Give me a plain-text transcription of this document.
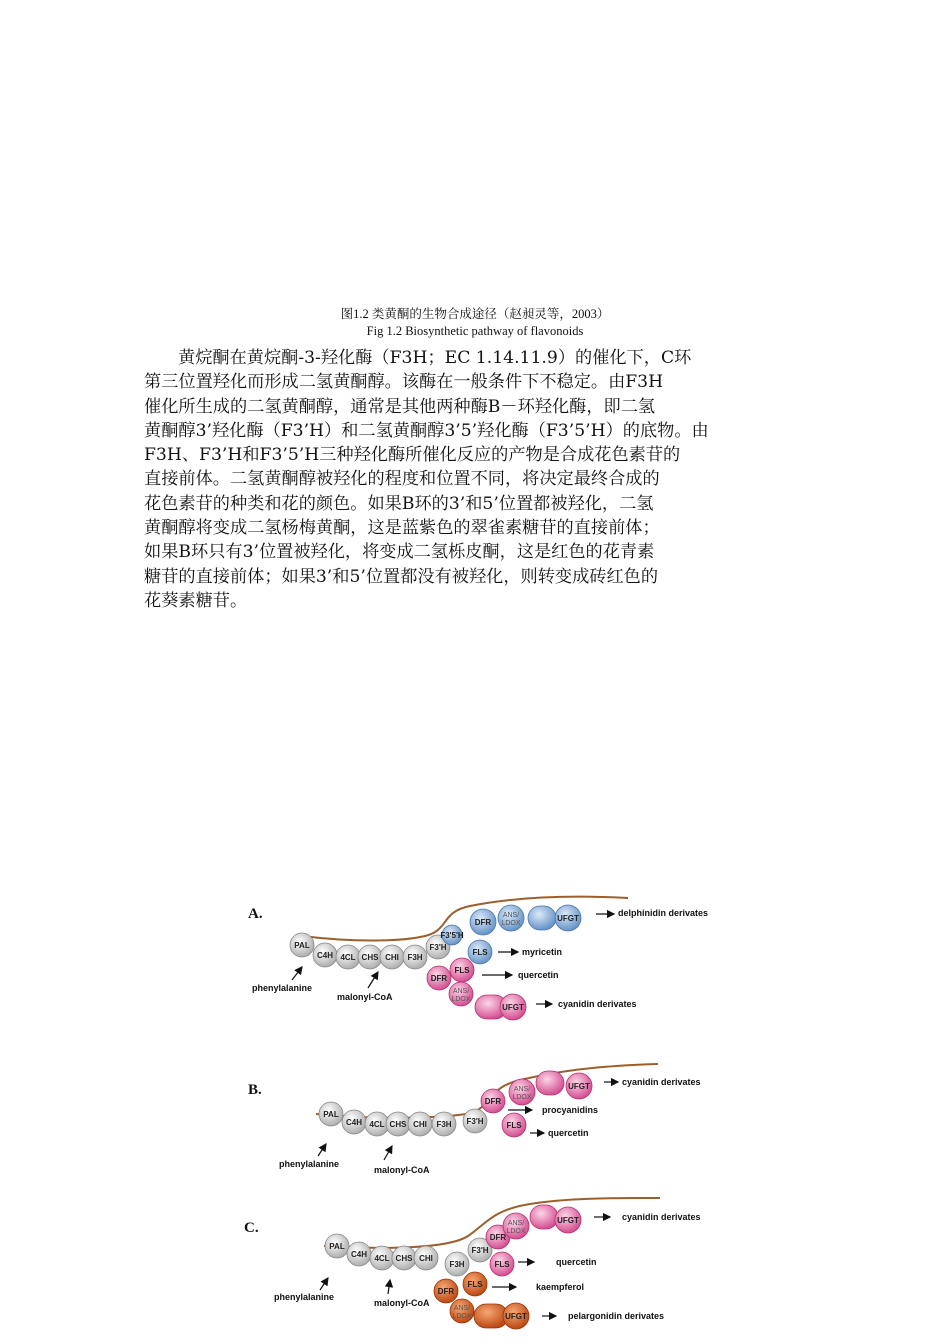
图1.2 类黄酮的生物合成途径（赵昶灵等，2003）
Fig 1.2 Biosynthetic pathway of flavonoids
黄烷酮在黄烷酮-3-羟化酶（F3H；EC 1.14.11.9）的催化下，C环
第三位置羟化而形成二氢黄酮醇。该酶在一般条件下不稳定。由F3H
催化所生成的二氢黄酮醇，通常是其他两种酶B－环羟化酶，即二氢
黄酮醇3’羟化酶（F3’H）和二氢黄酮醇3’5’羟化酶（F3’5’H）的底物。由
F3H、F3’H和F3’5’H三种羟化酶所催化反应的产物是合成花色素苷的
直接前体。二氢黄酮醇被羟化的程度和位置不同，将决定最终合成的
花色素苷的种类和花的颜色。如果B环的3’和5’位置都被羟化，二氢
黄酮醇将变成二氢杨梅黄酮，这是蓝紫色的翠雀素糖苷的直接前体；
如果B环只有3’位置被羟化，将变成二氢栎皮酮，这是红色的花青素
糖苷的直接前体；如果3’和5’位置都没有被羟化，则转变成砖红色的
花葵素糖苷。
A.
PAL
C4H 4CL CHS CHI F3H
F3'H
F3'5'H
DFR
ANS/
LDOX
UFGT
FLS
DFR
FLS
ANS/
LDOX
UFGT
delphinidin derivates
myricetin
quercetin
cyanidin derivates
phenylalanine
malonyl-CoA
B.
PAL
C4H 4CL CHS CHI F3H F3'H
DFR
ANS/
LDOX
UFGT
FLS
cyanidin derivates
procyanidins
quercetin
phenylalanine
malonyl-CoA
C.
PAL
C4H 4CL CHS CHI
F3H
F3'H
DFR
ANS/
LDOX
UFGT
FLS
FLS
DFR
ANS/
LDOX	UFGT
cyanidin derivates
quercetin
kaempferol
pelargonidin derivates
phenylalanine
malonyl-CoA
